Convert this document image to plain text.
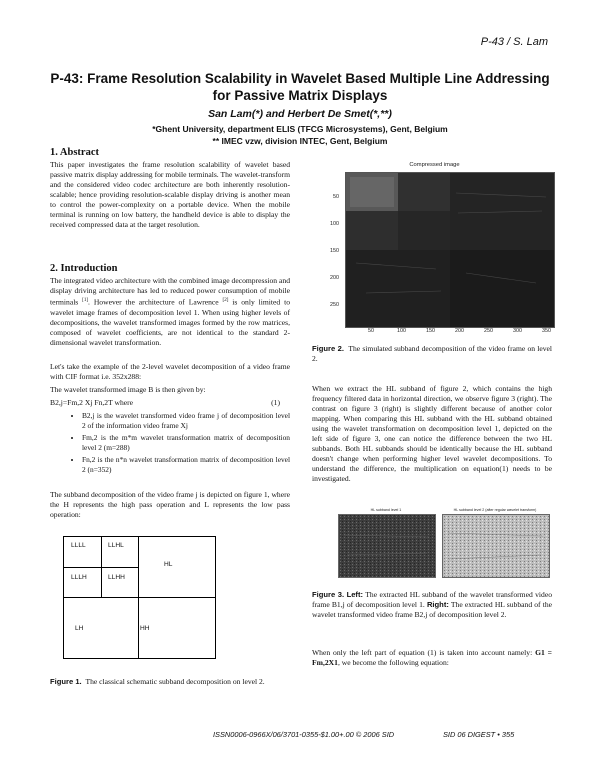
P-43 / S. Lam
P-43: Frame Resolution Scalability in Wavelet Based Multiple Line Addressing
for Passive Matrix Displays
San Lam(*) and Herbert De Smet(*,**)
*Ghent University, department ELIS (TFCG Microsystems), Gent, Belgium
** IMEC vzw, division INTEC, Gent, Belgium
1. Abstract
This paper investigates the frame resolution scalability of wavelet based passive matrix display addressing for mobile terminals. The wavelet-transform and the considered video codec architecture are both inherently resolution-scalable; hence providing resolution-scalable display driving is another mean to control the power-complexity on a portable device. When the mobile terminal is running on low battery, the handheld device is able to display the received compressed data at the target resolution.
2. Introduction
The integrated video architecture with the combined image decompression and display driving architecture has led to reduced power consumption of mobile terminals [1]. However the architecture of Lawrence [2] is only limited to wavelet image frames of decomposition level 1. When using higher levels of decompositions, the wavelet transformed images formed by the row matrices, composed of wavelet coefficients, are not identical to the standard 2-dimensional wavelet transformation.
Let's take the example of the 2-level wavelet decomposition of a video frame with CIF format i.e. 352x288:
The wavelet transformed image B is then given by:
B2,j=Fm,2 Xj Fn,2T where	(1)
• B2,j is the wavelet transformed video frame j of decomposition level 2 of the information video frame Xj
• Fm,2 is the m*m wavelet transformation matrix of decomposition level 2 (m=288)
• Fn,2 is the n*n wavelet transformation matrix of decomposition level 2 (n=352)
The subband decomposition of the video frame j is depicted on figure 1, where the H represents the high pass operation and L represents the low pass operation:
LLLL	LLHL
LLLH	LLHH
HL
LH	HH
Figure 1. The classical schematic subband decomposition on level 2.
Compressed image
50
100
150
200
250
50	100	150	200	250	300	350
Figure 2. The simulated subband decomposition of the video frame on level 2.
When we extract the HL subband of figure 2, which contains the high frequency filtered data in horizontal direction, we observe figure 3 (right). The contrast on figure 3 (right) is slightly different because of another color mapping. When comparing this HL subband with the HL subband obtained using the wavelet transformation on decomposition level 1, depicted on the left side of figure 3, one can notice the difference between the two HL subbands. Both HL subbands should be identically because the HL subband doesn't change when performing higher level wavelet decompositions. To understand the difference, the multiplication on equation(1) needs to be investigated.
HL subband level 1	HL subband level 2 (after regular wavelet transform)
Figure 3. Left: The extracted HL subband of the wavelet transformed video frame B1,j of decomposition level 1. Right: The extracted HL subband of the wavelet transformed video frame B2,j of decomposition level 2.
When only the left part of equation (1) is taken into account namely: G1 = Fm,2X1, we become the following equation:
ISSN0006-0966X/06/3701-0355-$1.00+.00 © 2006 SID	SID 06 DIGEST • 355
